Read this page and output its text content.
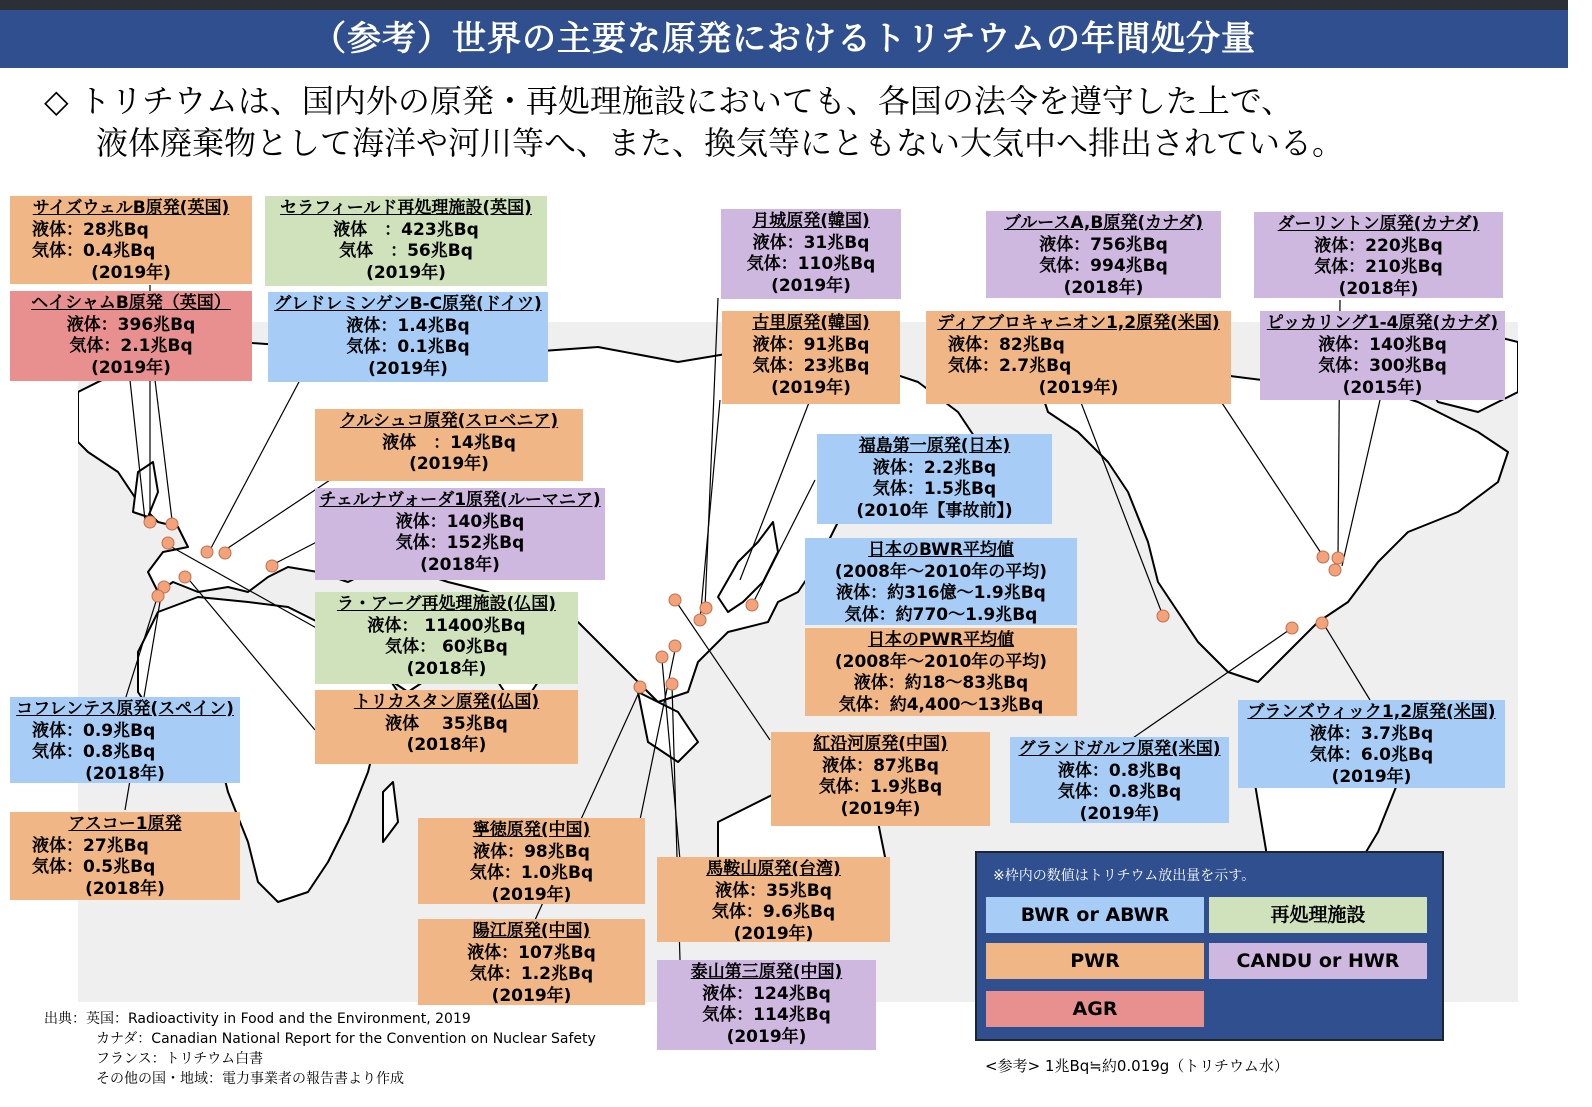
（参考）世界の主要な原発におけるトリチウムの年間処分量
◇ トリチウムは、国内外の原発・再処理施設においても、各国の法令を遵守した上で、
液体廃棄物として海洋や河川等へ、また、換気等にともない大気中へ排出されている。
サイズウェルB原発(英国)
液体：28兆Bq
気体：0.4兆Bq
(2019年)
セラフィールド再処理施設(英国)
液体　：423兆Bq
気体　：56兆Bq
(2019年)
ヘイシャムB原発（英国）
液体：396兆Bq
気体：2.1兆Bq
(2019年)
グレドレミンゲンB-C原発(ドイツ)
液体：1.4兆Bq
気体：0.1兆Bq
(2019年)
クルシュコ原発(スロベニア)
液体　：14兆Bq
(2019年)
チェルナヴォーダ1原発(ルーマニア)
液体：140兆Bq
気体：152兆Bq
(2018年)
ラ・アーグ再処理施設(仏国)
液体： 11400兆Bq
気体： 60兆Bq
(2018年)
トリカスタン原発(仏国)
液体　 35兆Bq
(2018年)
コフレンテス原発(スペイン)
液体：0.9兆Bq
気体：0.8兆Bq
(2018年)
アスコー1原発
液体：27兆Bq
気体：0.5兆Bq
(2018年)
月城原発(韓国)
液体：31兆Bq
気体：110兆Bq
(2019年)
古里原発(韓国)
液体：91兆Bq
気体：23兆Bq
(2019年)
福島第一原発(日本)
液体：2.2兆Bq
気体：1.5兆Bq
(2010年【事故前】)
日本のBWR平均値
(2008年～2010年の平均)
液体：約316億～1.9兆Bq
気体：約770～1.9兆Bq
日本のPWR平均値
(2008年～2010年の平均)
液体：約18～83兆Bq
気体：約4,400～13兆Bq
紅沿河原発(中国)
液体：87兆Bq
気体：1.9兆Bq
(2019年)
寧徳原発(中国)
液体：98兆Bq
気体：1.0兆Bq
(2019年)
陽江原発(中国)
液体：107兆Bq
気体：1.2兆Bq
(2019年)
馬鞍山原発(台湾)
液体：35兆Bq
気体：9.6兆Bq
(2019年)
泰山第三原発(中国)
液体：124兆Bq
気体：114兆Bq
(2019年)
ブルースA,B原発(カナダ)
液体：756兆Bq
気体：994兆Bq
(2018年)
ダーリントン原発(カナダ)
液体：220兆Bq
気体：210兆Bq
(2018年)
ディアブロキャニオン1,2原発(米国)
液体：82兆Bq
気体：2.7兆Bq
(2019年)
ピッカリング1-4原発(カナダ)
液体：140兆Bq
気体：300兆Bq
(2015年)
グランドガルフ原発(米国)
液体：0.8兆Bq
気体：0.8兆Bq
(2019年)
ブランズウィック1,2原発(米国)
液体：3.7兆Bq
気体：6.0兆Bq
(2019年)
※枠内の数値はトリチウム放出量を示す。
BWR or ABWR	再処理施設
PWR	CANDU or HWR
AGR
出典：英国：Radioactivity in Food and the Environment, 2019
カナダ：Canadian National Report for the Convention on Nuclear Safety
フランス：トリチウム白書
その他の国・地域：電力事業者の報告書より作成
<参考> 1兆Bq≒約0.019g（トリチウム水）
